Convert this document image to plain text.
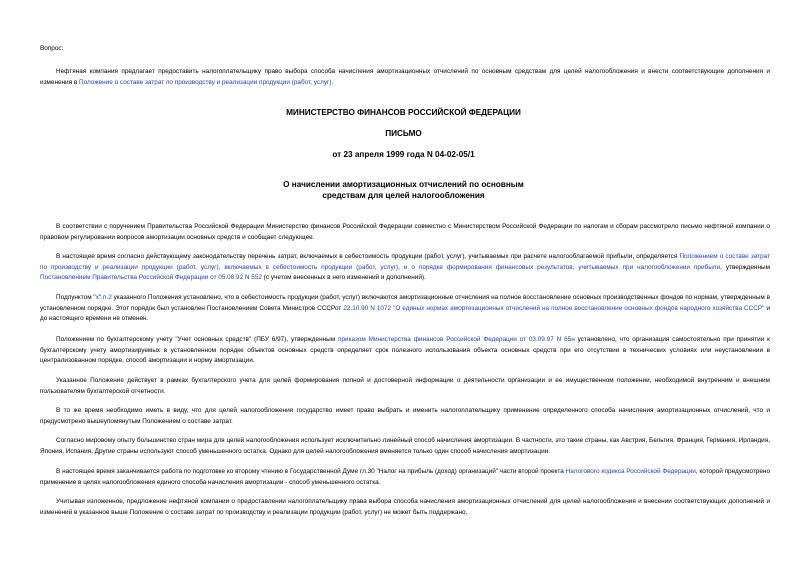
Вопрос:

Нефтяная компания предлагает предоставить налогоплательщику право выбора способа начисления амортизационных отчислений по основным средствам для целей налогообложения и внести соответствующие дополнения и изменения в Положение о составе затрат по производству и реализации продукции (работ, услуг).

МИНИСТЕРСТВО ФИНАНСОВ РОССИЙСКОЙ ФЕДЕРАЦИИ
ПИСЬМО
от 23 апреля 1999 года N 04-02-05/1
О начислении амортизационных отчислений по основным
средствам для целей налогообложения

В соответствии с поручением Правительства Российской Федерации Министерство финансов Российской Федерации совместно с Министерством Российской Федерации по налогам и сборам рассмотрело письмо нефтяной компании о правовом регулировании вопросов амортизации основных средств и сообщает следующее.

В настоящее время согласно действующему законодательству перечень затрат, включаемых в себестоимость продукции (работ, услуг), учитываемых при расчете налогооблагаемой прибыли, определяется Положением о составе затрат по производству и реализации продукции (работ, услуг), включаемых в себестоимость продукции (работ, услуг), и о порядке формирования финансовых результатов, учитываемых при налогообложении прибыли, утвержденным Постановлением Правительства Российской Федерации от 05.08.92 N 552 (с учетом внесенных в него изменений и дополнений).

Подпунктом "х" п.2 указанного Положения установлено, что в себестоимость продукции (работ, услуг) включаются амортизационные отчисления на полное восстановление основных производственных фондов по нормам, утвержденным в установленном порядке. Этот порядок был установлен Постановлением Совета Министров СССРот 22.10.90 N 1072 "О единых нормах амортизационных отчислений на полное восстановление основных фондов народного хозяйства СССР" и до настоящего времени не отменен.

Положением по бухгалтерскому учету "Учет основных средств" (ПБУ 6/97), утвержденным приказом Министерства финансов Российской Федерации от 03.09.97 N 65н установлено, что организация самостоятельно при принятии к бухгалтерскому учету амортизируемых в установленном порядке объектов основных средств определяет срок полезного использования объекта основных средств при его отсутствии в технических условиях или неустановлении в централизованном порядке, способ амортизации и норму амортизации.

Указанное Положение действует в рамках бухгалтерского учета для целей формирования полной и достоверной информации о деятельности организации и ее имущественном положении, необходимой внутренним и внешним пользователям бухгалтерской отчетности.

В то же время необходимо иметь в виду, что для целей налогообложения государство имеет право выбрать и именить налогоплательщику применение определенного способа начисления амортизационных отчислений, что и предусмотрено вышеупомянутым Положением о составе затрат.

Согласно мировому опыту большинство стран мира для целей налогообложения использует исключительно линейный способ начисления амортизации. В частности, это такие страны, как Австрия, Бельгия, Франция, Германия, Ирландия, Япония, Испания. Другие страны используют способ уменьшенного остатка. Однако для целей налогообложения вменяется только один способ начисления амортизации.

В настоящее время заканчивается работа по подготовке ко второму чтению в Государственной Думе гл.30 "Налог на прибыль (доход) организаций" части второй проекта Налогового кодекса Российской Федерации, которой предусмотрено применение в целях налогообложения единого способа начисления амортизации - способ уменьшенного остатка.

Учитывая изложенное, предложение нефтяной компании о предоставлении налогоплательщику права выбора способа начисления амортизационных отчислений для целей налогообложения и внесении соответствующих дополнений и изменений в указанное выше Положение о составе затрат по производству и реализации продукции (работ, услуг) не может быть поддержано.
